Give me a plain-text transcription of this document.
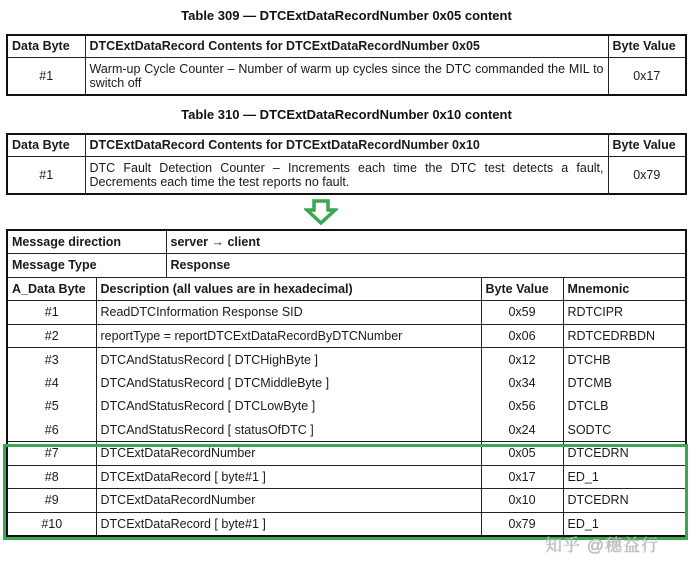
Table 309 — DTCExtDataRecordNumber 0x05 content
Data Byte	DTCExtDataRecord Contents for DTCExtDataRecordNumber 0x05	Byte Value
#1	Warm-up Cycle Counter – Number of warm up cycles since the DTC commanded the MIL to switch off	0x17
Table 310 — DTCExtDataRecordNumber 0x10 content
Data Byte	DTCExtDataRecord Contents for DTCExtDataRecordNumber 0x10	Byte Value
#1	DTC Fault Detection Counter – Increments each time the DTC test detects a fault, Decrements each time the test reports no fault.	0x79
Message direction		server → client		
Message Type		Response		
A_Data Byte	Description (all values are in hexadecimal)		Byte Value	Mnemonic
#1	ReadDTCInformation Response SID		0x59	RDTCIPR
#2	reportType = reportDTCExtDataRecordByDTCNumber		0x06	RDTCEDRBDN
#3	DTCAndStatusRecord [ DTCHighByte ]		0x12	DTCHB
#4	DTCAndStatusRecord [ DTCMiddleByte ]		0x34	DTCMB
#5	DTCAndStatusRecord [ DTCLowByte ]		0x56	DTCLB
#6	DTCAndStatusRecord [ statusOfDTC ]		0x24	SODTC
#7	DTCExtDataRecordNumber		0x05	DTCEDRN
#8	DTCExtDataRecord [ byte#1 ]		0x17	ED_1
#9	DTCExtDataRecordNumber		0x10	DTCEDRN
#10	DTCExtDataRecord [ byte#1 ]		0x79	ED_1
知乎 @穗益行
